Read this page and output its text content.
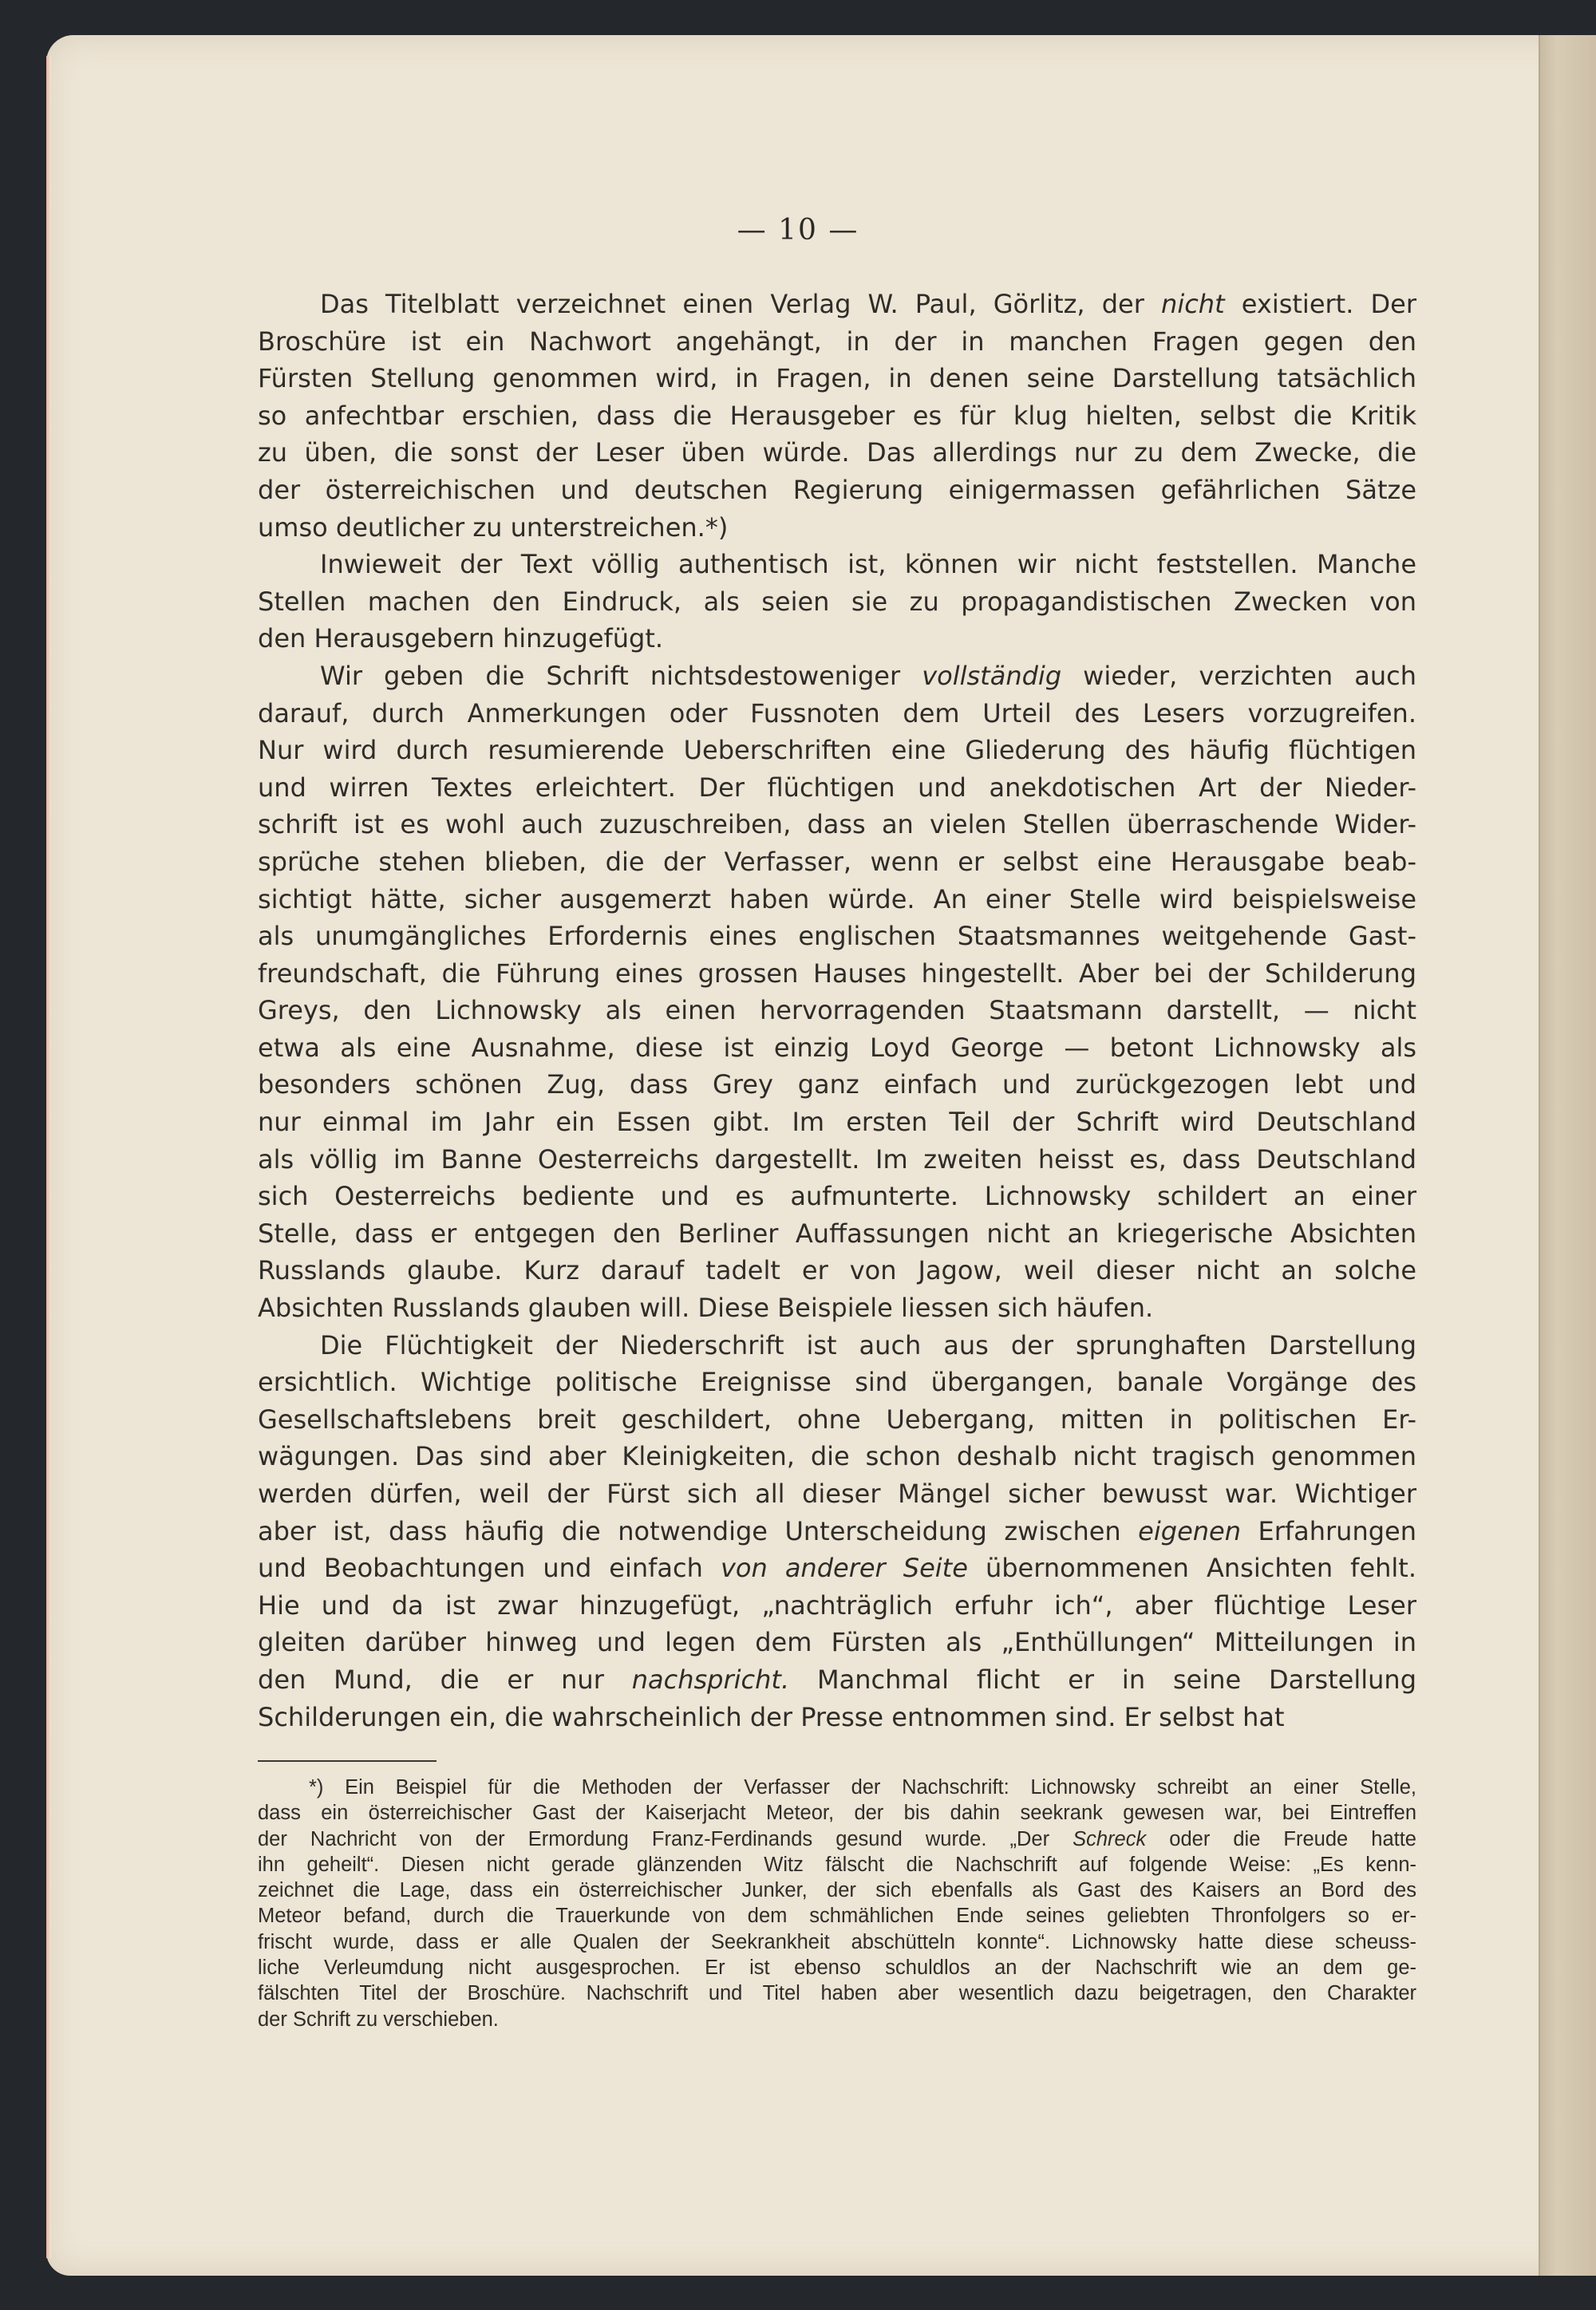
— 10 —

Das Titelblatt verzeichnet einen Verlag W. Paul, Görlitz, der nicht existiert. Der

Broschüre ist ein Nachwort angehängt, in der in manchen Fragen gegen den

Fürsten Stellung genommen wird, in Fragen, in denen seine Darstellung tatsächlich

so anfechtbar erschien, dass die Herausgeber es für klug hielten, selbst die Kritik

zu üben, die sonst der Leser üben würde. Das allerdings nur zu dem Zwecke, die

der österreichischen und deutschen Regierung einigermassen gefährlichen Sätze

umso deutlicher zu unterstreichen.*)

Inwieweit der Text völlig authentisch ist, können wir nicht feststellen. Manche

Stellen machen den Eindruck, als seien sie zu propagandistischen Zwecken von

den Herausgebern hinzugefügt.

Wir geben die Schrift nichtsdestoweniger vollständig wieder, verzichten auch

darauf, durch Anmerkungen oder Fussnoten dem Urteil des Lesers vorzugreifen.

Nur wird durch resumierende Ueberschriften eine Gliederung des häufig flüchtigen

und wirren Textes erleichtert. Der flüchtigen und anekdotischen Art der Nieder-

schrift ist es wohl auch zuzuschreiben, dass an vielen Stellen überraschende Wider-

sprüche stehen blieben, die der Verfasser, wenn er selbst eine Herausgabe beab-

sichtigt hätte, sicher ausgemerzt haben würde. An einer Stelle wird beispielsweise

als unumgängliches Erfordernis eines englischen Staatsmannes weitgehende Gast-

freundschaft, die Führung eines grossen Hauses hingestellt. Aber bei der Schilderung

Greys, den Lichnowsky als einen hervorragenden Staatsmann darstellt, — nicht

etwa als eine Ausnahme, diese ist einzig Loyd George — betont Lichnowsky als

besonders schönen Zug, dass Grey ganz einfach und zurückgezogen lebt und

nur einmal im Jahr ein Essen gibt. Im ersten Teil der Schrift wird Deutschland

als völlig im Banne Oesterreichs dargestellt. Im zweiten heisst es, dass Deutschland

sich Oesterreichs bediente und es aufmunterte. Lichnowsky schildert an einer

Stelle, dass er entgegen den Berliner Auffassungen nicht an kriegerische Absichten

Russlands glaube. Kurz darauf tadelt er von Jagow, weil dieser nicht an solche

Absichten Russlands glauben will. Diese Beispiele liessen sich häufen.

Die Flüchtigkeit der Niederschrift ist auch aus der sprunghaften Darstellung

ersichtlich. Wichtige politische Ereignisse sind übergangen, banale Vorgänge des

Gesellschaftslebens breit geschildert, ohne Uebergang, mitten in politischen Er-

wägungen. Das sind aber Kleinigkeiten, die schon deshalb nicht tragisch genommen

werden dürfen, weil der Fürst sich all dieser Mängel sicher bewusst war. Wichtiger

aber ist, dass häufig die notwendige Unterscheidung zwischen eigenen Erfahrungen

und Beobachtungen und einfach von anderer Seite übernommenen Ansichten fehlt.

Hie und da ist zwar hinzugefügt, „nachträglich erfuhr ich“, aber flüchtige Leser

gleiten darüber hinweg und legen dem Fürsten als „Enthüllungen“ Mitteilungen in

den Mund, die er nur nachspricht. Manchmal flicht er in seine Darstellung

Schilderungen ein, die wahrscheinlich der Presse entnommen sind. Er selbst hat

*) Ein Beispiel für die Methoden der Verfasser der Nachschrift: Lichnowsky schreibt an einer Stelle,

dass ein österreichischer Gast der Kaiserjacht Meteor, der bis dahin seekrank gewesen war, bei Eintreffen

der Nachricht von der Ermordung Franz-Ferdinands gesund wurde. „Der Schreck oder die Freude hatte

ihn geheilt“. Diesen nicht gerade glänzenden Witz fälscht die Nachschrift auf folgende Weise: „Es kenn-

zeichnet die Lage, dass ein österreichischer Junker, der sich ebenfalls als Gast des Kaisers an Bord des

Meteor befand, durch die Trauerkunde von dem schmählichen Ende seines geliebten Thronfolgers so er-

frischt wurde, dass er alle Qualen der Seekrankheit abschütteln konnte“. Lichnowsky hatte diese scheuss-

liche Verleumdung nicht ausgesprochen. Er ist ebenso schuldlos an der Nachschrift wie an dem ge-

fälschten Titel der Broschüre. Nachschrift und Titel haben aber wesentlich dazu beigetragen, den Charakter

der Schrift zu verschieben.
